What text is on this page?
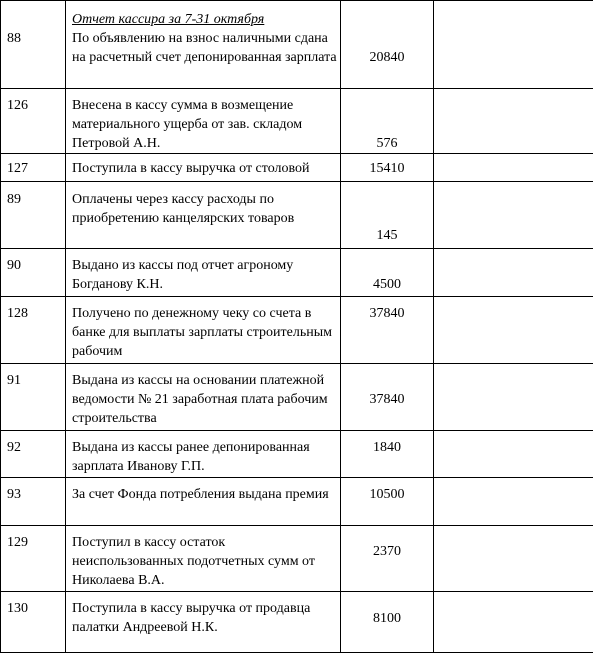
88	Отчет кассира за 7-31 октября
По объявлению на взнос наличными сдана на расчетный счет депонированная зарплата	20840	

126	Внесена в кассу сумма в возмещение материального ущерба от зав. складом Петровой А.Н.	576	

127	Поступила в кассу выручка от столовой	15410	

89	Оплачены через кассу расходы по приобретению канцелярских товаров	145	

90	Выдано из кассы под отчет агроному Богданову К.Н.	4500	

128	Получено по денежному чеку со счета в банке для выплаты зарплаты строительным рабочим	37840	

91	Выдана из кассы на основании платежной ведомости № 21 заработная плата рабочим строительства	37840	

92	Выдана из кассы ранее депонированная зарплата Иванову Г.П.	1840	

93	За счет Фонда потребления выдана премия	10500	

129	Поступил в кассу остаток неиспользованных подотчетных сумм от Николаева В.А.	2370	

130	Поступила в кассу выручка от продавца палатки Андреевой Н.К.	8100	
